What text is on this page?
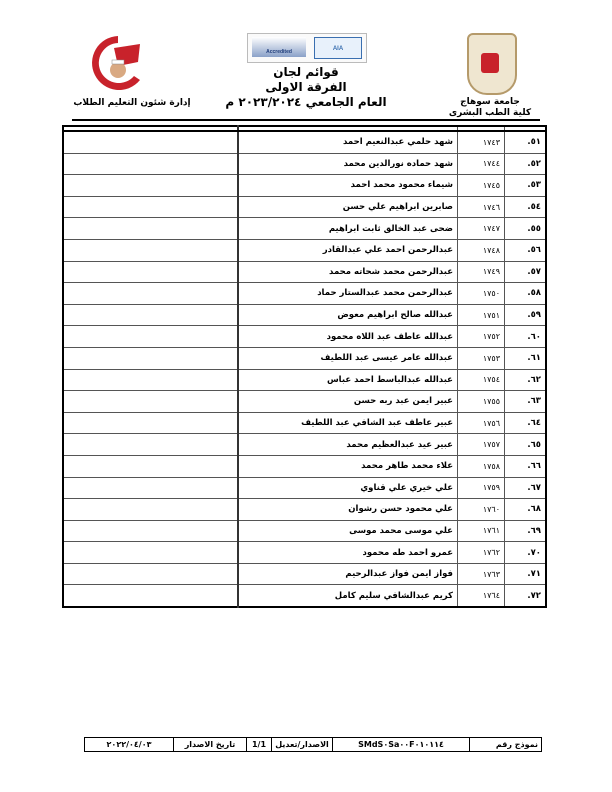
جامعة سوهاج
كلية الطب البشرى
إدارة شئون التعليم الطلاب
Accredited	AIA
قوائم لجان
الفرقة الاولى
العام الجامعي ٢٠٢٣/٢٠٢٤ م

٥١.	١٧٤٣	شهد حلمي عبدالنعيم احمد	
٥٢.	١٧٤٤	شهد حماده نورالدين محمد	
٥٣.	١٧٤٥	شيماء محمود محمد احمد	
٥٤.	١٧٤٦	صابرين ابراهيم علي حسن	
٥٥.	١٧٤٧	ضحى عبد الخالق ثابت ابراهيم	
٥٦.	١٧٤٨	عبدالرحمن احمد علي عبدالقادر	
٥٧.	١٧٤٩	عبدالرحمن محمد شحاته محمد	
٥٨.	١٧٥٠	عبدالرحمن محمد عبدالستار حماد	
٥٩.	١٧٥١	عبدالله صالح ابراهيم معوض	
٦٠.	١٧٥٢	عبدالله عاطف عبد اللاه محمود	
٦١.	١٧٥٣	عبدالله عامر عيسى عبد اللطيف	
٦٢.	١٧٥٤	عبدالله عبدالباسط احمد عباس	
٦٣.	١٧٥٥	عبير ايمن عبد ربه حسن	
٦٤.	١٧٥٦	عبير عاطف عبد الشافي عبد اللطيف	
٦٥.	١٧٥٧	عبير عيد عبدالعظيم محمد	
٦٦.	١٧٥٨	علاء محمد طاهر محمد	
٦٧.	١٧٥٩	علي خيري علي قناوي	
٦٨.	١٧٦٠	علي محمود حسن رشوان	
٦٩.	١٧٦١	علي موسى محمد موسى	
٧٠.	١٧٦٢	عمرو احمد طه محمود	
٧١.	١٧٦٣	فواز ايمن فواز عبدالرحيم	
٧٢.	١٧٦٤	كريم عبدالشافي سليم كامل	
نموذج رقم	SMdS٠Sa٠٠F٠١٠١١٤	الاصدار/تعديل	1/1	تاريخ الاصدار	٢٠٢٢/٠٤/٠٣
